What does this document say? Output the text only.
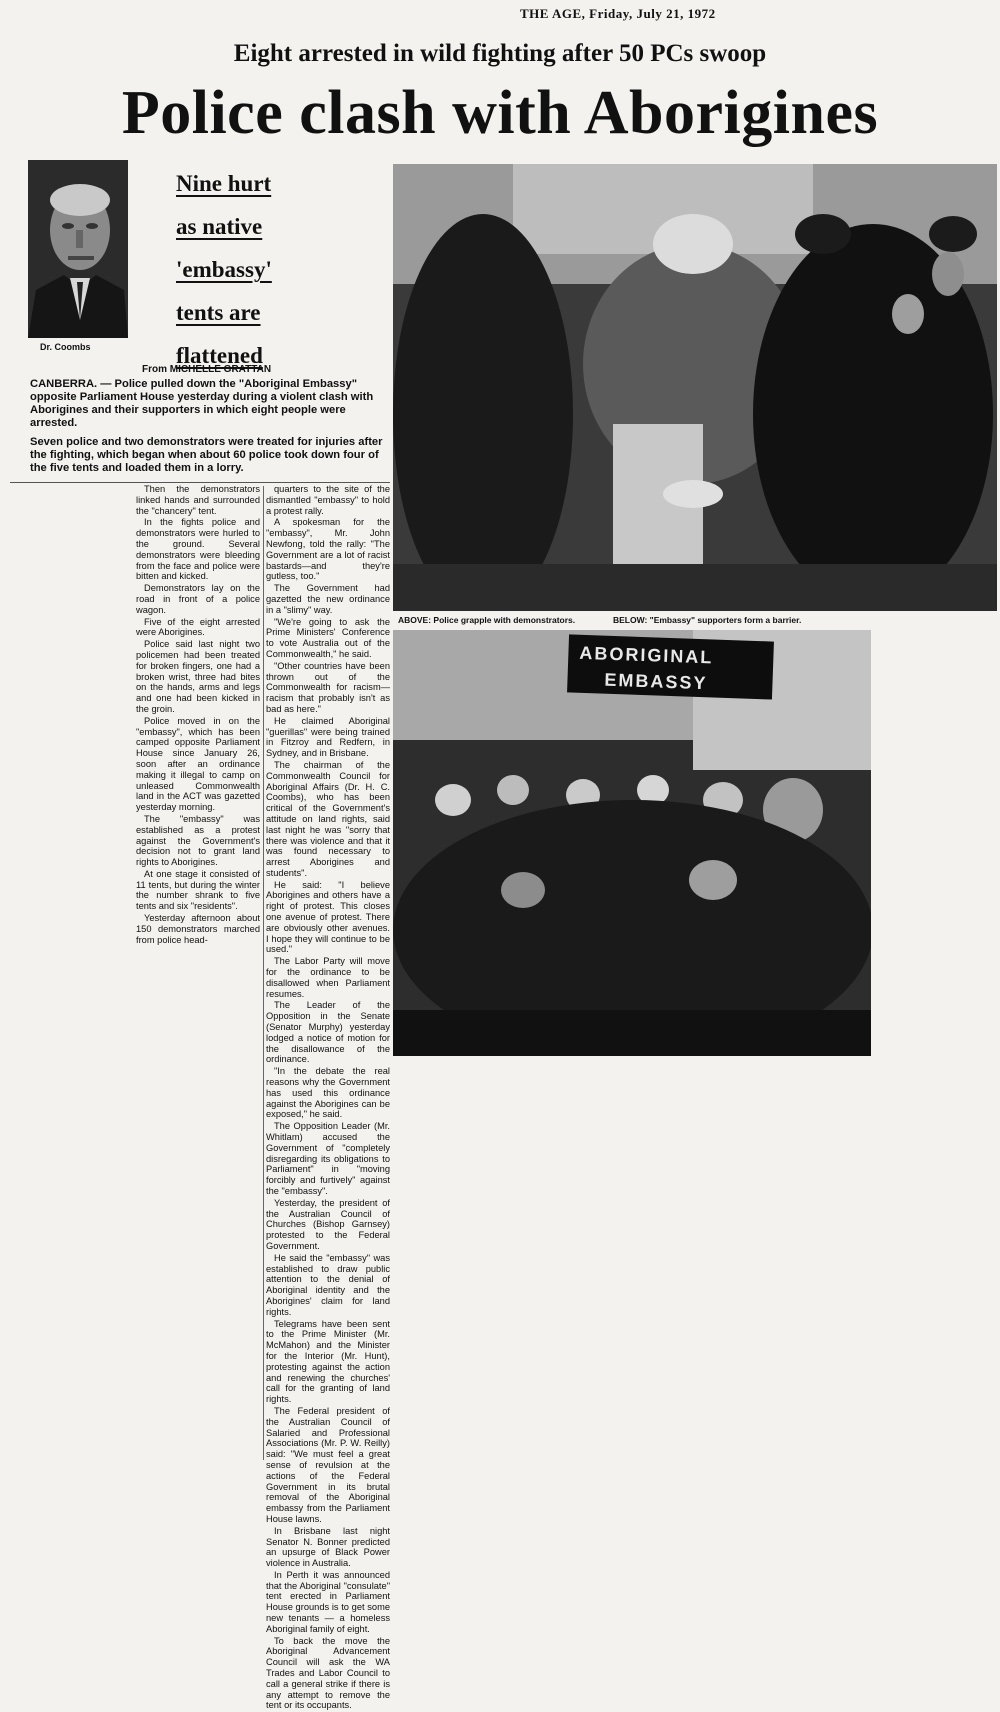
THE AGE, Friday, July 21, 1972
Eight arrested in wild fighting after 50 PCs swoop
Police clash with Aborigines
Dr. Coombs
Nine hurt
as native
'embassy'
tents are
flattened
From MICHELLE GRATTAN

CANBERRA. — Police pulled down the "Aboriginal Embassy" opposite Parliament House yesterday during a violent clash with Aborigines and their supporters in which eight people were arrested.

Seven police and two demonstrators were treated for injuries after the fighting, which began when about 60 police took down four of the five tents and loaded them in a lorry.

ABOVE: Police grapple with demonstrators.	BELOW: "Embassy" supporters form a barrier.
ABORIGINAL
EMBASSY

Then the demonstrators linked hands and surrounded the "chancery" tent.

In the fights police and demonstrators were hurled to the ground. Several demonstrators were bleeding from the face and police were bitten and kicked.

Demonstrators lay on the road in front of a police wagon.

Five of the eight arrested were Aborigines.

Police said last night two policemen had been treated for broken fingers, one had a broken wrist, three had bites on the hands, arms and legs and one had been kicked in the groin.

Police moved in on the "embassy", which has been camped opposite Parliament House since January 26, soon after an ordinance making it illegal to camp on unleased Commonwealth land in the ACT was gazetted yesterday morning.

The "embassy" was established as a protest against the Government's decision not to grant land rights to Aborigines.

At one stage it consisted of 11 tents, but during the winter the number shrank to five tents and six "residents".

Yesterday afternoon about 150 demonstrators marched from police head-

quarters to the site of the dismantled "embassy" to hold a protest rally.

A spokesman for the "embassy", Mr. John Newfong, told the rally: "The Government are a lot of racist bastards—and they're gutless, too."

The Government had gazetted the new ordinance in a "slimy" way.

"We're going to ask the Prime Ministers' Conference to vote Australia out of the Commonwealth," he said.

"Other countries have been thrown out of the Commonwealth for racism—racism that probably isn't as bad as here."

He claimed Aboriginal "guerillas" were being trained in Fitzroy and Redfern, in Sydney, and in Brisbane.

The chairman of the Commonwealth Council for Aboriginal Affairs (Dr. H. C. Coombs), who has been critical of the Government's attitude on land rights, said last night he was "sorry that there was violence and that it was found necessary to arrest Aborigines and students".

He said: "I believe Aborigines and others have a right of protest. This closes one avenue of protest. There are obviously other avenues. I hope they will continue to be used."

The Labor Party will move for the ordinance to be disallowed when Parliament resumes.

The Leader of the Opposition in the Senate (Senator Murphy) yesterday lodged a notice of motion for the disallowance of the ordinance.

"In the debate the real reasons why the Government has used this ordinance against the Aborigines can be exposed," he said.

The Opposition Leader (Mr. Whitlam) accused the Government of "completely disregarding its obligations to Parliament" in "moving forcibly and furtively" against the "embassy".

Yesterday, the president of the Australian Council of Churches (Bishop Garnsey) protested to the Federal Government.

He said the "embassy" was established to draw public attention to the denial of Aboriginal identity and the Aborigines' claim for land rights.

Telegrams have been sent to the Prime Minister (Mr. McMahon) and the Minister for the Interior (Mr. Hunt), protesting against the action and renewing the churches' call for the granting of land rights.

The Federal president of the Australian Council of Salaried and Professional Associations (Mr. P. W. Reilly) said: "We must feel a great sense of revulsion at the actions of the Federal Government in its brutal removal of the Aboriginal embassy from the Parliament House lawns.

In Brisbane last night Senator N. Bonner predicted an upsurge of Black Power violence in Australia.

In Perth it was announced that the Aboriginal "consulate" tent erected in Parliament House grounds is to get some new tenants — a homeless Aboriginal family of eight.

To back the move the Aboriginal Advancement Council will ask the WA Trades and Labor Council to call a general strike if there is any attempt to remove the tent or its occupants.
